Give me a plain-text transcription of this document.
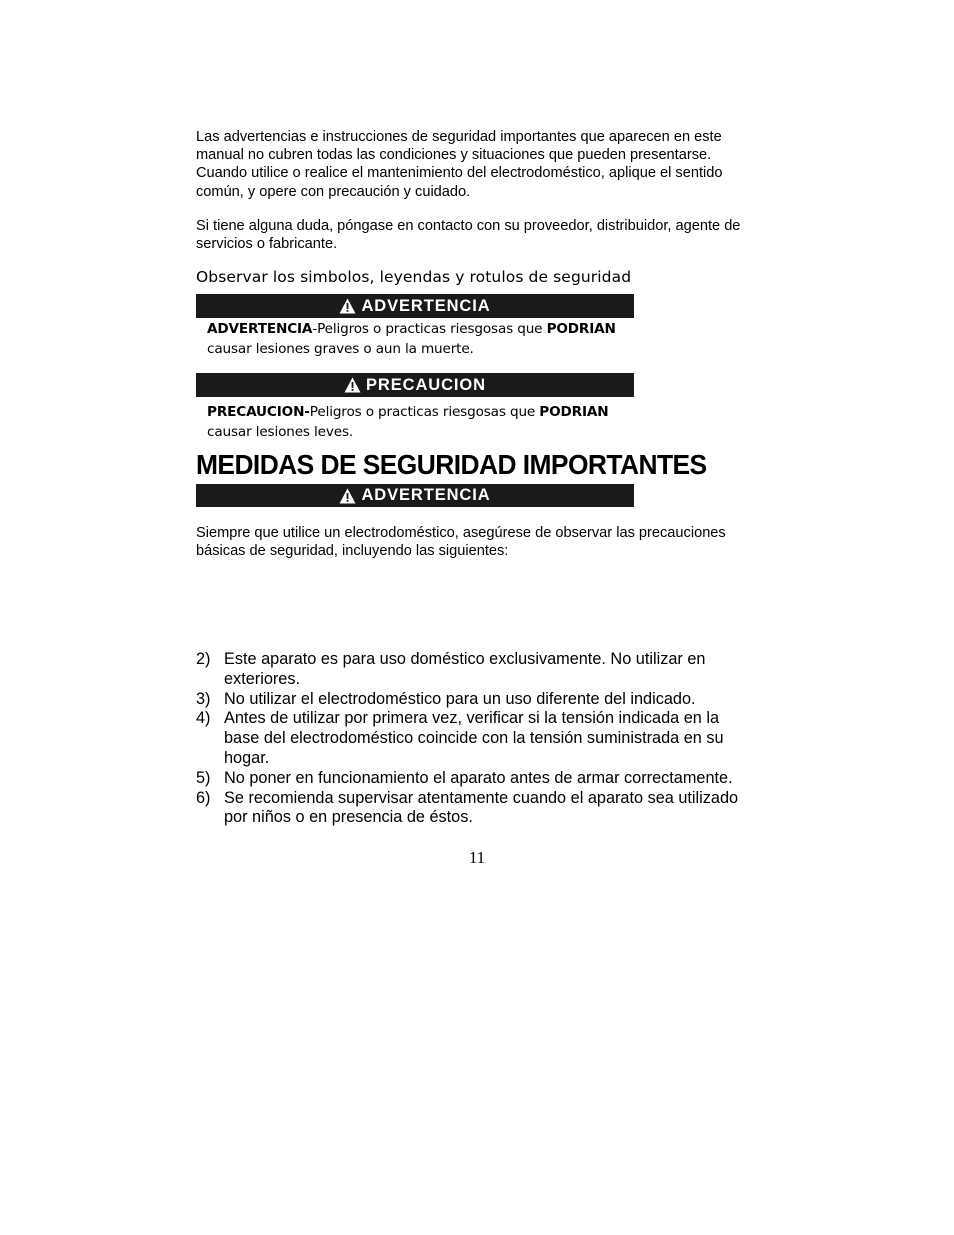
Las advertencias e instrucciones de seguridad importantes que aparecen en este manual no cubren todas las condiciones y situaciones que pueden presentarse. Cuando utilice o realice el mantenimiento del electrodoméstico, aplique el sentido común, y opere con precaución y cuidado.

Si tiene alguna duda, póngase en contacto con su proveedor, distribuidor, agente de servicios o fabricante.

Observar los simbolos, leyendas y rotulos de seguridad
ADVERTENCIA
ADVERTENCIA-Peligros o practicas riesgosas que PODRIAN causar lesiones graves o aun la muerte.
PRECAUCION
PRECAUCION-Peligros o practicas riesgosas que PODRIAN causar lesiones leves.
MEDIDAS DE SEGURIDAD IMPORTANTES
ADVERTENCIA

Siempre que utilice un electrodoméstico, asegúrese de observar las precauciones básicas de seguridad, incluyendo las siguientes:

2) Este aparato es para uso doméstico exclusivamente. No utilizar en exteriores.
3) No utilizar el electrodoméstico para un uso diferente del indicado.
4) Antes de utilizar por primera vez, verificar si la tensión indicada en la base del electrodoméstico coincide con la tensión suministrada en su hogar.
5) No poner en funcionamiento el aparato antes de armar correctamente.
6) Se recomienda supervisar atentamente cuando el aparato sea utilizado por niños o en presencia de éstos.
11
